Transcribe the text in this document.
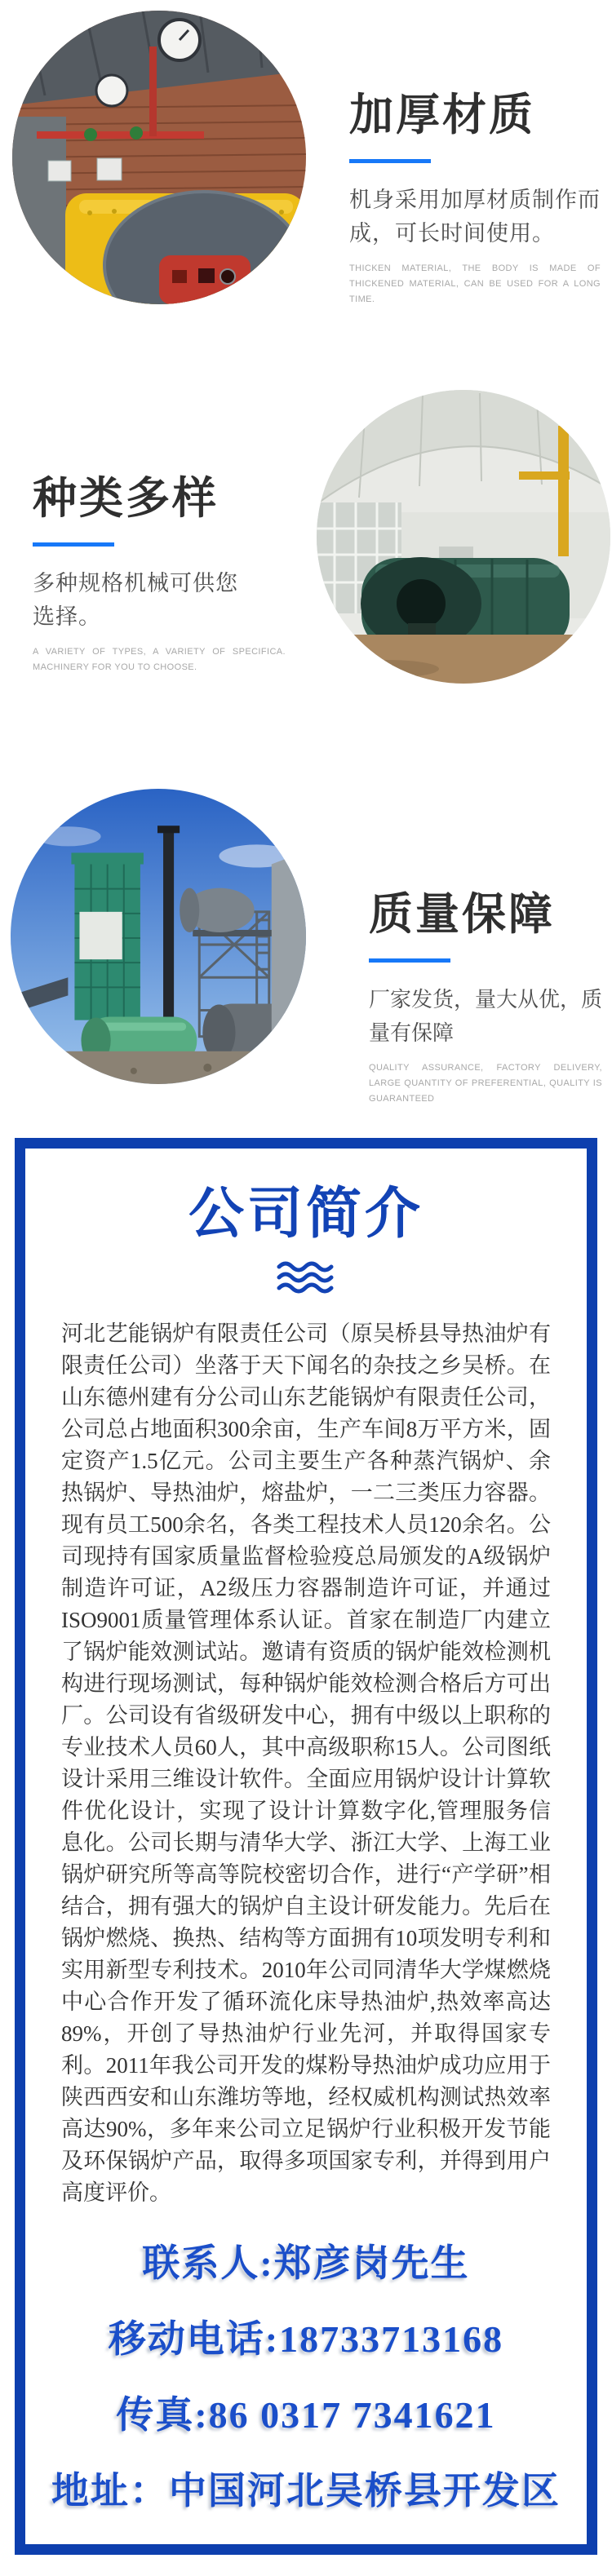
加厚材质
机身采用加厚材质制作而成，可长时间使用。
THICKEN MATERIAL, THE BODY IS MADE OF THICKENED MATERIAL, CAN BE USED FOR A LONG TIME.
种类多样
多种规格机械可供您选择。
A VARIETY OF TYPES, A VARIETY OF SPECIFICA. MACHINERY FOR YOU TO CHOOSE.
质量保障
厂家发货，量大从优，质量有保障
QUALITY ASSURANCE, FACTORY DELIVERY, LARGE QUANTITY OF PREFERENTIAL, QUALITY IS GUARANTEED
公司简介
河北艺能锅炉有限责任公司（原吴桥县导热油炉有限责任公司）坐落于天下闻名的杂技之乡吴桥。在山东德州建有分公司山东艺能锅炉有限责任公司，公司总占地面积300余亩，生产车间8万平方米，固定资产1.5亿元。公司主要生产各种蒸汽锅炉、余热锅炉、导热油炉，熔盐炉，一二三类压力容器。现有员工500余名，各类工程技术人员120余名。公司现持有国家质量监督检验疫总局颁发的A级锅炉制造许可证，A2级压力容器制造许可证，并通过ISO9001质量管理体系认证。首家在制造厂内建立了锅炉能效测试站。邀请有资质的锅炉能效检测机构进行现场测试，每种锅炉能效检测合格后方可出厂。公司设有省级研发中心，拥有中级以上职称的专业技术人员60人，其中高级职称15人。公司图纸设计采用三维设计软件。全面应用锅炉设计计算软件优化设计，实现了设计计算数字化,管理服务信息化。公司长期与清华大学、浙江大学、上海工业锅炉研究所等高等院校密切合作，进行“产学研”相结合，拥有强大的锅炉自主设计研发能力。先后在锅炉燃烧、换热、结构等方面拥有10项发明专利和实用新型专利技术。2010年公司同清华大学煤燃烧中心合作开发了循环流化床导热油炉,热效率高达89%，开创了导热油炉行业先河，并取得国家专利。2011年我公司开发的煤粉导热油炉成功应用于陕西西安和山东潍坊等地，经权威机构测试热效率高达90%，多年来公司立足锅炉行业积极开发节能及环保锅炉产品，取得多项国家专利，并得到用户高度评价。
联系人:郑彦岗先生
移动电话:18733713168
传真:86 0317 7341621
地址：中国河北吴桥县开发区
